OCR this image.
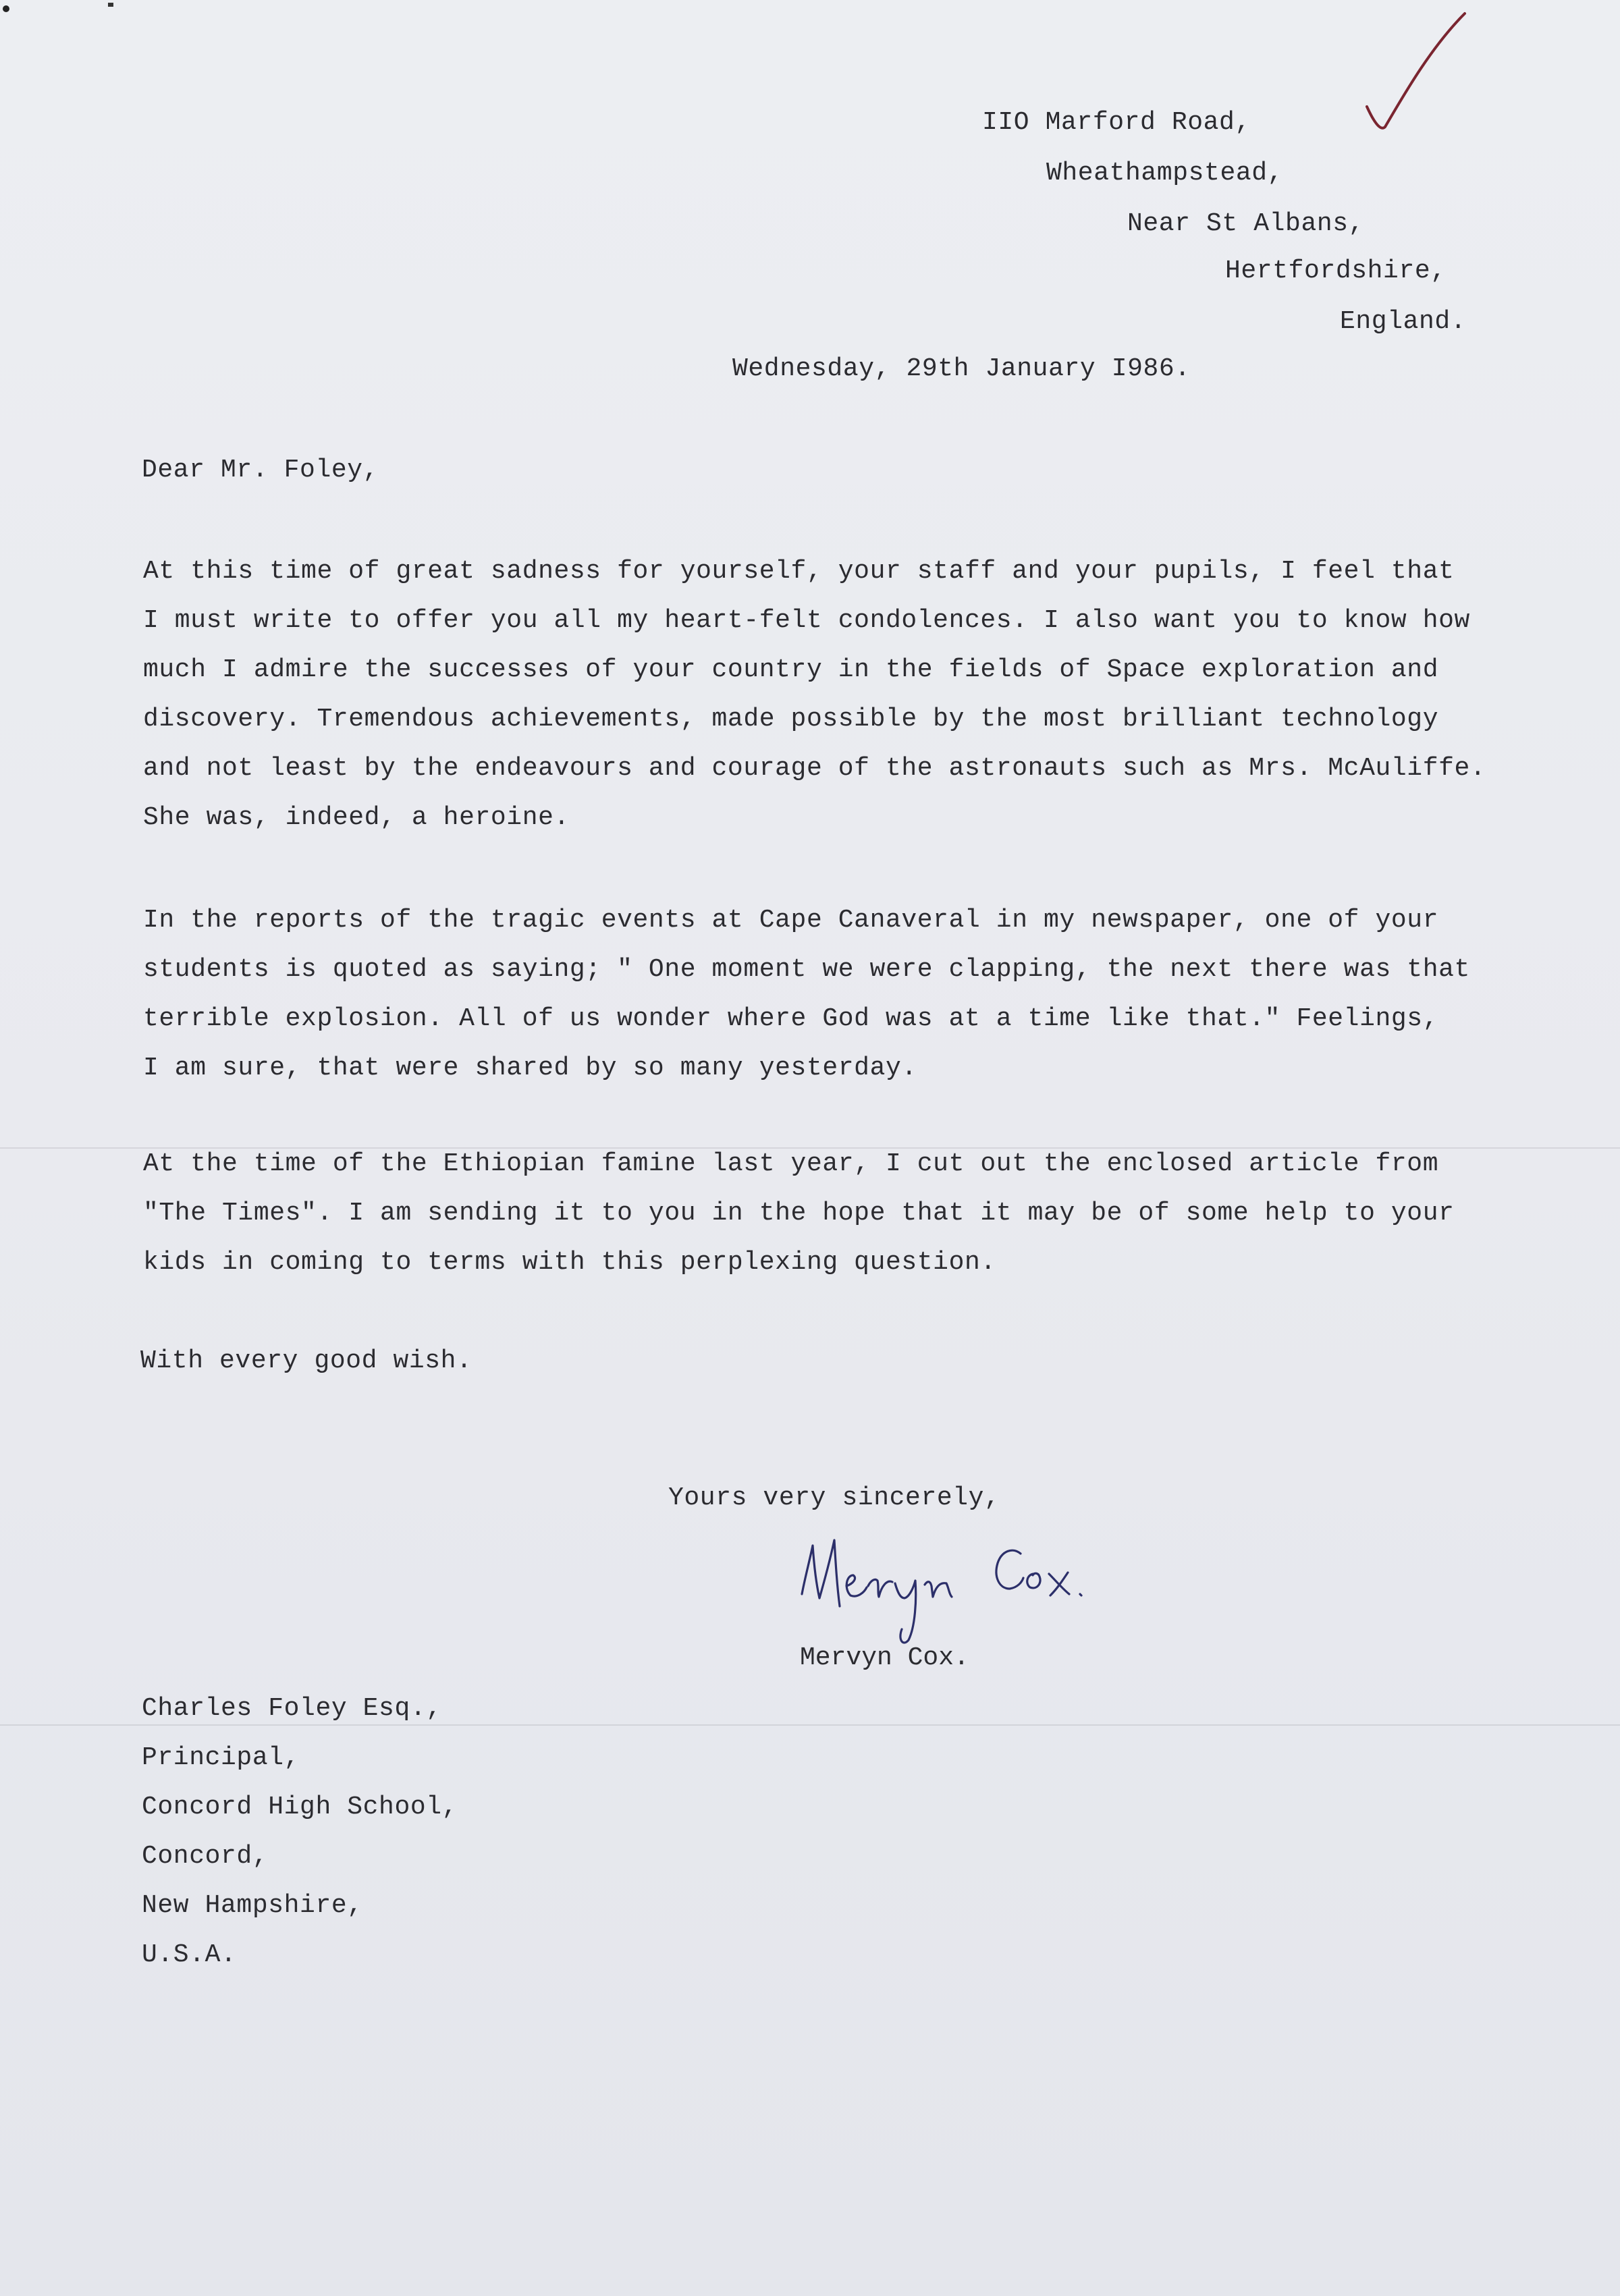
IIO Marford Road,
Wheathampstead,
Near St Albans,
Hertfordshire,
England.
Wednesday, 29th January I986.
Dear Mr. Foley,
At this time of great sadness for yourself, your staff and your pupils, I feel that
I must write to offer you all my heart-felt condolences. I also want you to know how
much I admire the successes of your country in the fields of Space exploration and
discovery. Tremendous achievements, made possible by the most brilliant technology
and not least by the endeavours and courage of the astronauts such as Mrs. McAuliffe.
She was, indeed, a heroine.
In the reports of the tragic events at Cape Canaveral in my newspaper, one of your
students is quoted as saying; " One moment we were clapping, the next there was that
terrible explosion. All of us wonder where God was at a time like that." Feelings,
I am sure, that were shared by so many yesterday.
At the time of the Ethiopian famine last year, I cut out the enclosed article from
"The Times". I am sending it to you in the hope that it may be of some help to your
kids in coming to terms with this perplexing question.
With every good wish.
Yours very sincerely,
Mervyn Cox.
Charles Foley Esq.,
Principal,
Concord High School,
Concord,
New Hampshire,
U.S.A.
